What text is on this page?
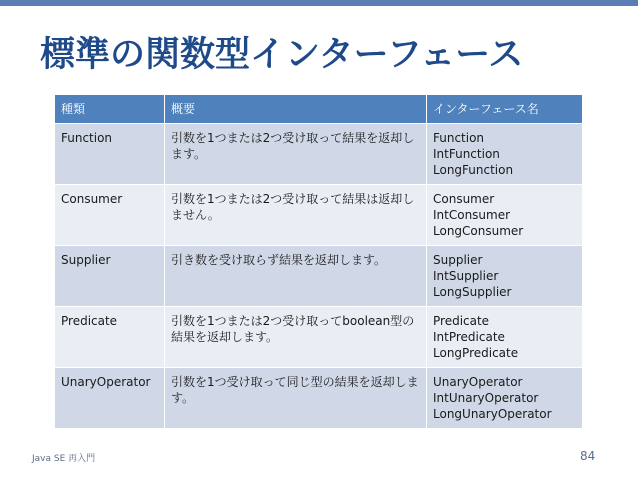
標準の関数型インターフェース
種類	概要	インターフェース名
Function	引数を1つまたは2つ受け取って結果を返却します。	Function
IntFunction
LongFunction

Consumer	引数を1つまたは2つ受け取って結果は返却しません。	Consumer
IntConsumer
LongConsumer

Supplier	引き数を受け取らず結果を返却します。	Supplier
IntSupplier
LongSupplier

Predicate	引数を1つまたは2つ受け取ってboolean型の結果を返却します。	Predicate
IntPredicate
LongPredicate

UnaryOperator	引数を1つ受け取って同じ型の結果を返却します。	UnaryOperator
IntUnaryOperator
LongUnaryOperator
Java SE 再入門	84
